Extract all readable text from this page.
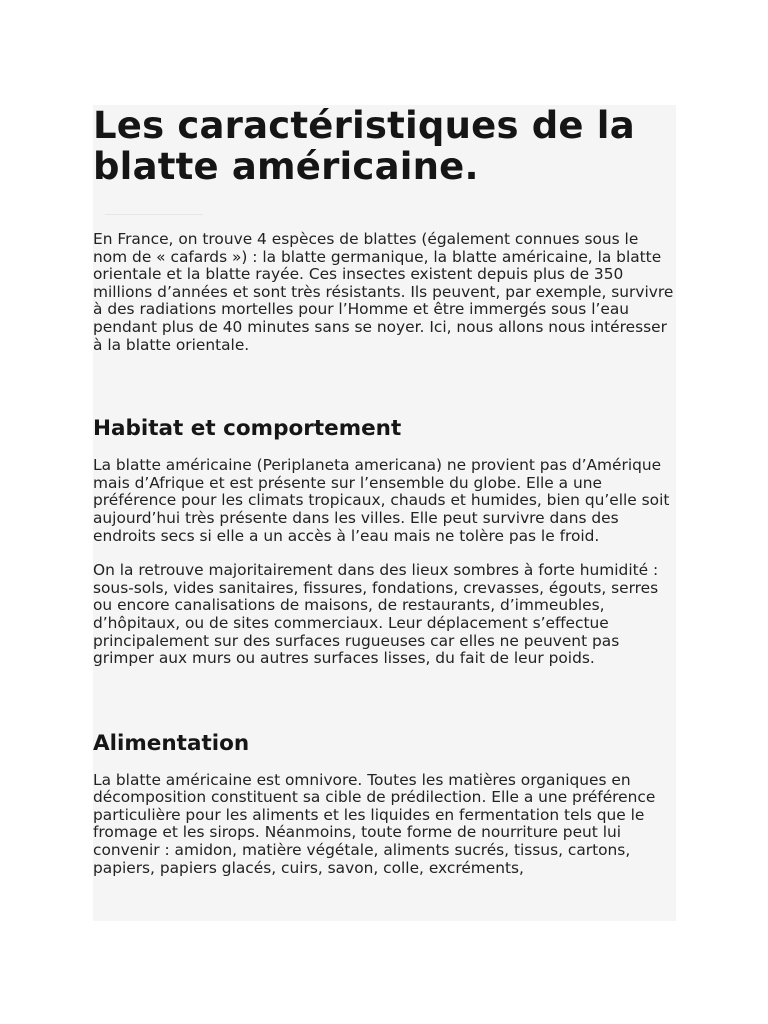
Les caractéristiques de la blatte américaine.

En France, on trouve 4 espèces de blattes (également connues sous le nom de « cafards ») : la blatte germanique, la blatte américaine, la blatte orientale et la blatte rayée. Ces insectes existent depuis plus de 350 millions d’années et sont très résistants. Ils peuvent, par exemple, survivre à des radiations mortelles pour l’Homme et être immergés sous l’eau pendant plus de 40 minutes sans se noyer. Ici, nous allons nous intéresser à la blatte orientale.

Habitat et comportement

La blatte américaine (Periplaneta americana) ne provient pas d’Amérique mais d’Afrique et est présente sur l’ensemble du globe. Elle a une préférence pour les climats tropicaux, chauds et humides, bien qu’elle soit aujourd’hui très présente dans les villes. Elle peut survivre dans des endroits secs si elle a un accès à l’eau mais ne tolère pas le froid.

On la retrouve majoritairement dans des lieux sombres à forte humidité : sous-sols, vides sanitaires, fissures, fondations, crevasses, égouts, serres ou encore canalisations de maisons, de restaurants, d’immeubles, d’hôpitaux, ou de sites commerciaux. Leur déplacement s’effectue principalement sur des surfaces rugueuses car elles ne peuvent pas grimper aux murs ou autres surfaces lisses, du fait de leur poids.

Alimentation

La blatte américaine est omnivore. Toutes les matières organiques en décomposition constituent sa cible de prédilection. Elle a une préférence particulière pour les aliments et les liquides en fermentation tels que le fromage et les sirops. Néanmoins, toute forme de nourriture peut lui convenir : amidon, matière végétale, aliments sucrés, tissus, cartons, papiers, papiers glacés, cuirs, savon, colle, excréments,
